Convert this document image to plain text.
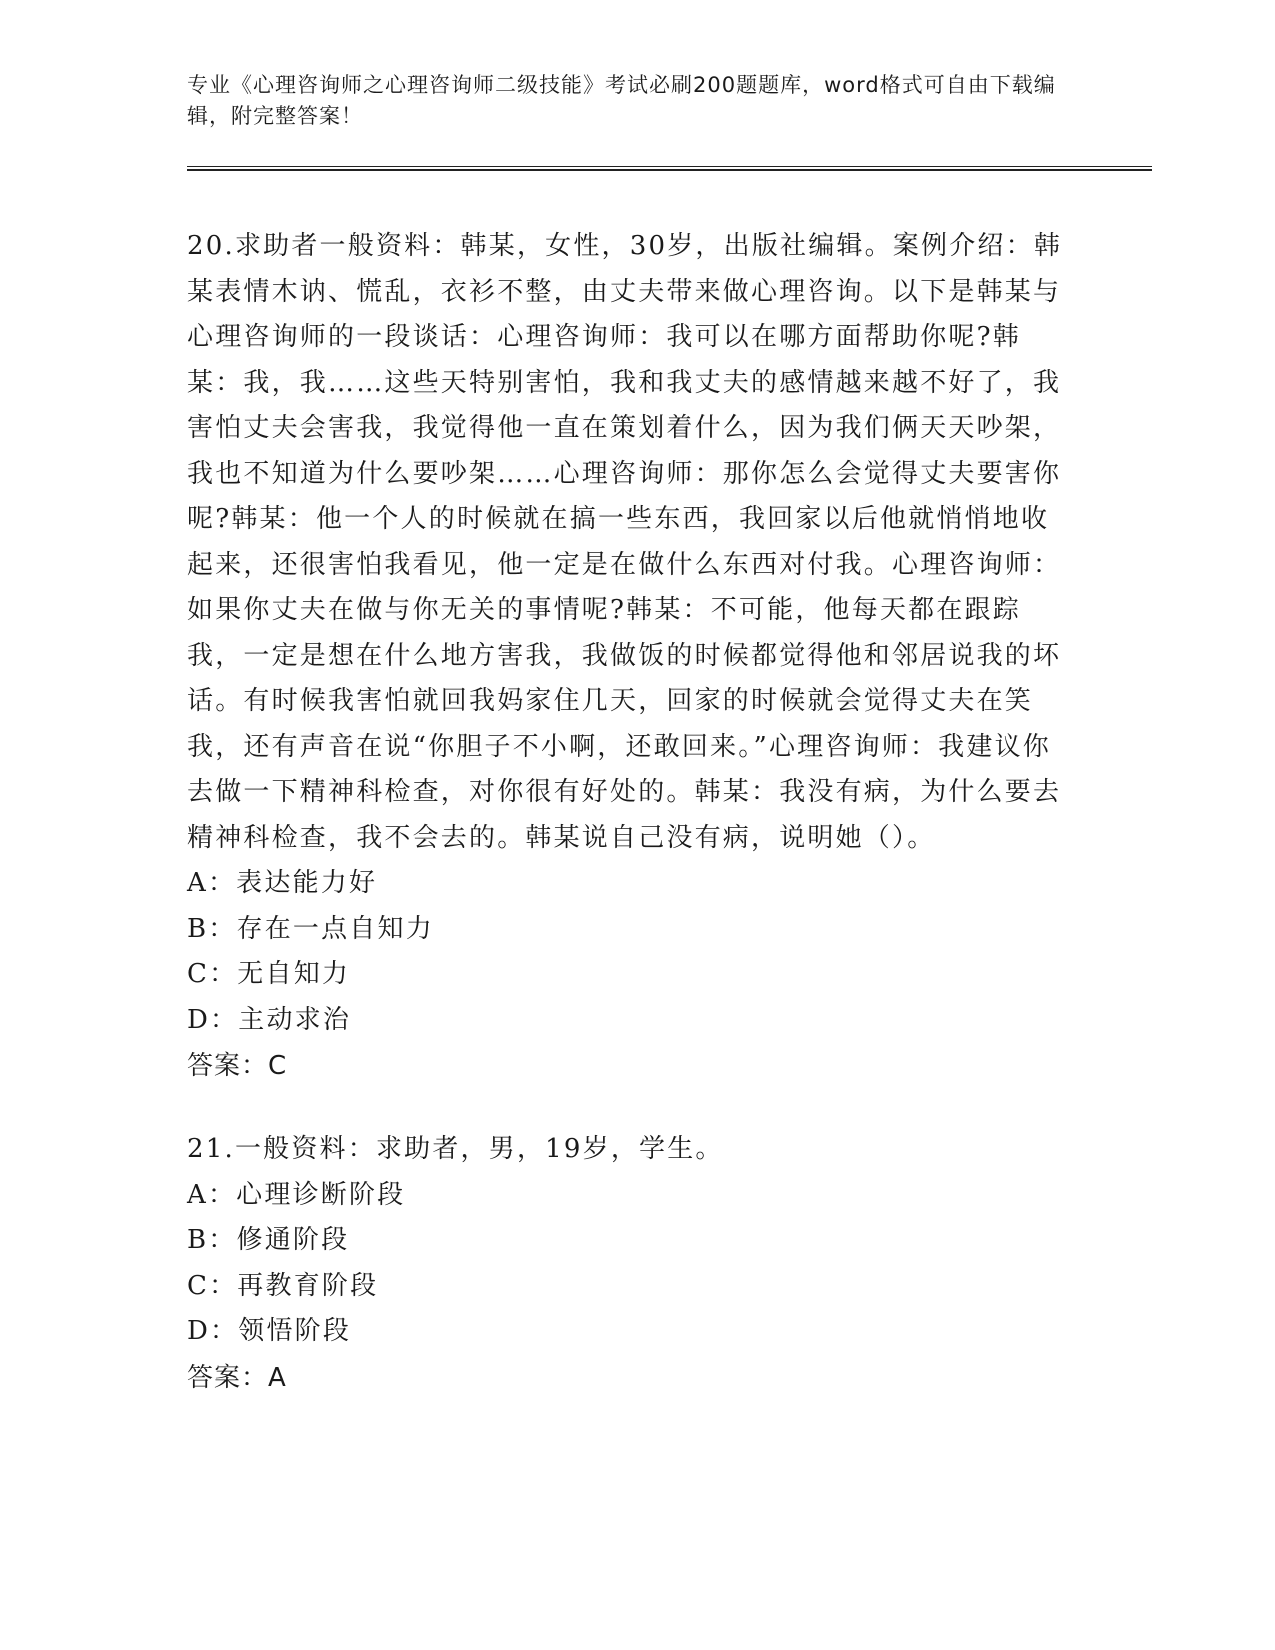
专业《心理咨询师之心理咨询师二级技能》考试必刷200题题库，word格式可自由下载编辑，附完整答案！
20.求助者一般资料：韩某，女性，30岁，出版社编辑。案例介绍：韩某表情木讷、慌乱，衣衫不整，由丈夫带来做心理咨询。以下是韩某与心理咨询师的一段谈话：心理咨询师：我可以在哪方面帮助你呢?韩某：我，我……这些天特别害怕，我和我丈夫的感情越来越不好了，我害怕丈夫会害我，我觉得他一直在策划着什么，因为我们俩天天吵架，我也不知道为什么要吵架……心理咨询师：那你怎么会觉得丈夫要害你呢?韩某：他一个人的时候就在搞一些东西，我回家以后他就悄悄地收起来，还很害怕我看见，他一定是在做什么东西对付我。心理咨询师：如果你丈夫在做与你无关的事情呢?韩某：不可能，他每天都在跟踪我，一定是想在什么地方害我，我做饭的时候都觉得他和邻居说我的坏话。有时候我害怕就回我妈家住几天，回家的时候就会觉得丈夫在笑我，还有声音在说“你胆子不小啊，还敢回来。”心理咨询师：我建议你去做一下精神科检查，对你很有好处的。韩某：我没有病，为什么要去精神科检查，我不会去的。韩某说自己没有病，说明她（）。
A：表达能力好
B：存在一点自知力
C：无自知力
D：主动求治
答案：C
21.一般资料：求助者，男，19岁，学生。
A：心理诊断阶段
B：修通阶段
C：再教育阶段
D：领悟阶段
答案：A
